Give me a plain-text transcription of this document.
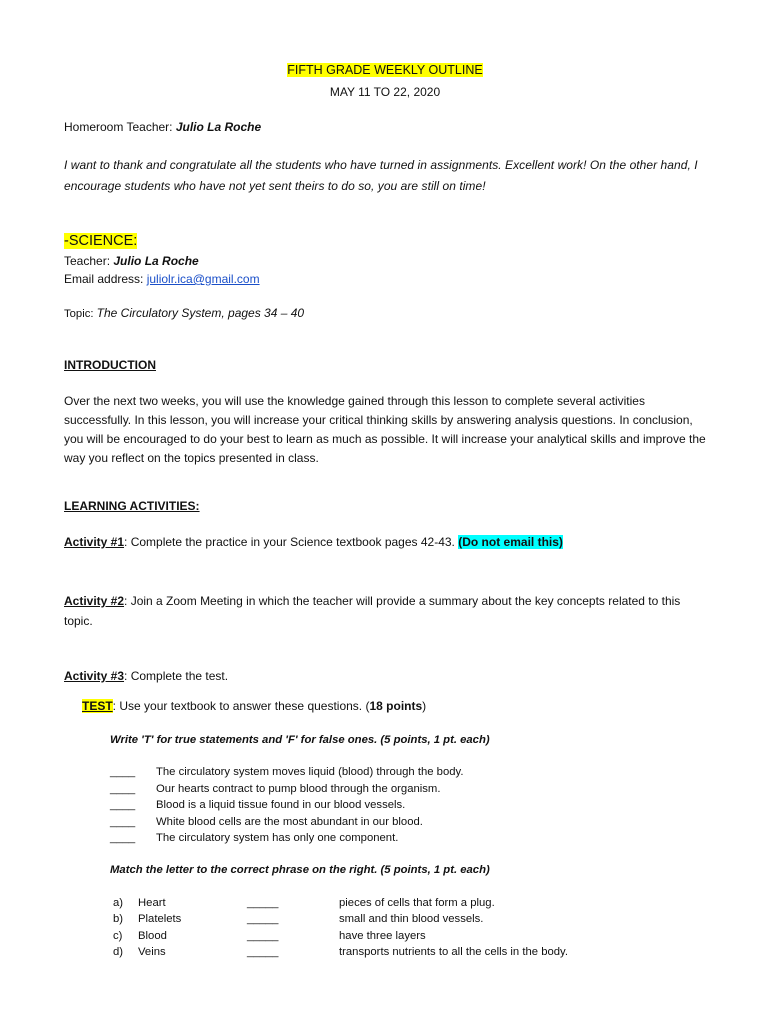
FIFTH GRADE WEEKLY OUTLINE
MAY 11 TO 22, 2020
Homeroom Teacher: Julio La Roche
I want to thank and congratulate all the students who have turned in assignments. Excellent work! On the other hand, I encourage students who have not yet sent theirs to do so, you are still on time!
-SCIENCE:
Teacher: Julio La Roche
Email address: juliolr.ica@gmail.com
Topic: The Circulatory System, pages 34 – 40
INTRODUCTION
Over the next two weeks, you will use the knowledge gained through this lesson to complete several activities successfully. In this lesson, you will increase your critical thinking skills by answering analysis questions. In conclusion, you will be encouraged to do your best to learn as much as possible. It will increase your analytical skills and improve the way you reflect on the topics presented in class.
LEARNING ACTIVITIES:
Activity #1: Complete the practice in your Science textbook pages 42-43. (Do not email this)
Activity #2: Join a Zoom Meeting in which the teacher will provide a summary about the key concepts related to this topic.
Activity #3: Complete the test.
TEST: Use your textbook to answer these questions. (18 points)
Write 'T' for true statements and 'F' for false ones. (5 points, 1 pt. each)
____ The circulatory system moves liquid (blood) through the body.
____ Our hearts contract to pump blood through the organism.
____ Blood is a liquid tissue found in our blood vessels.
____ White blood cells are the most abundant in our blood.
____ The circulatory system has only one component.
Match the letter to the correct phrase on the right. (5 points, 1 pt. each)
a) Heart	_____	pieces of cells that form a plug.
b) Platelets	_____	small and thin blood vessels.
c) Blood	_____	have three layers
d) Veins	_____	transports nutrients to all the cells in the body.
